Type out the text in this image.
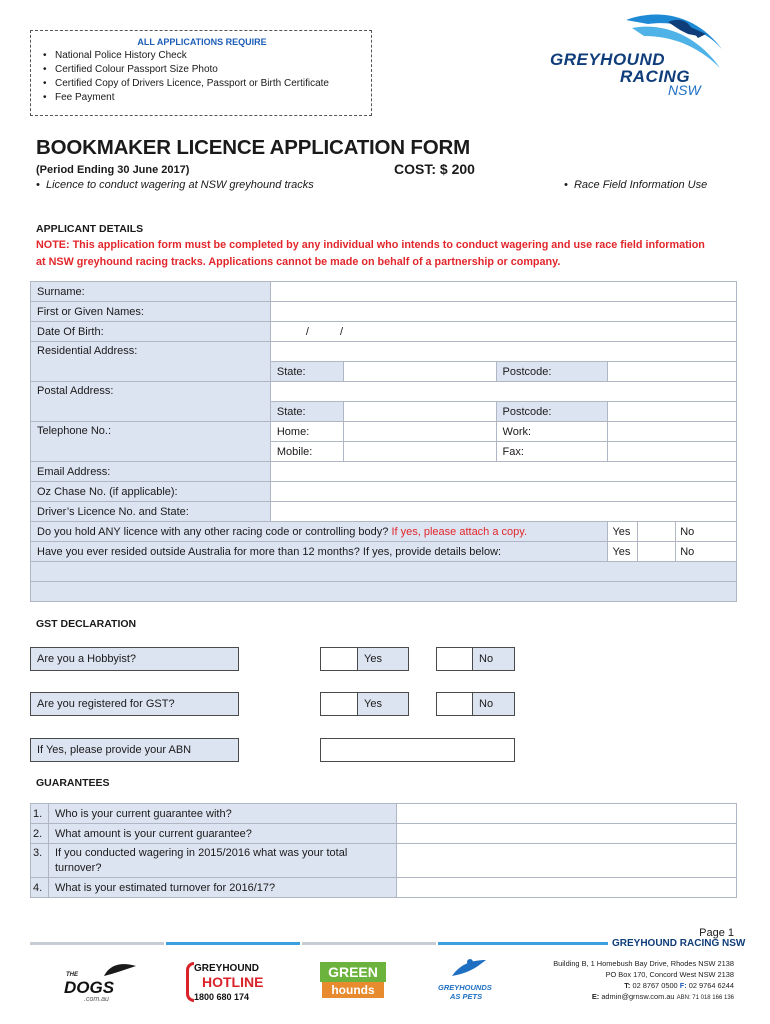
ALL APPLICATIONS REQUIRE
• National Police History Check
• Certified Colour Passport Size Photo
• Certified Copy of Drivers Licence, Passport or Birth Certificate
• Fee Payment
GREYHOUND
RACING
NSW
BOOKMAKER LICENCE APPLICATION FORM
(Period Ending 30 June 2017)	COST: $ 200
•  Licence to conduct wagering at NSW greyhound tracks	•  Race Field Information Use
APPLICANT DETAILS
NOTE: This application form must be completed by any individual who intends to conduct wagering and use race field information
at NSW greyhound racing tracks. Applications cannot be made on behalf of a partnership or company.
Surname:						
First or Given Names:						
Date Of Birth:	/ /					
Residential Address:						
	State:		Postcode:			
Postal Address:						
	State:		Postcode:			
Telephone No.:	Home:		Work:			
	Mobile:		Fax:			
Email Address:						
Oz Chase No. (if applicable):						
Driver’s Licence No. and State:						
Do you hold ANY licence with any other racing code or controlling body? If yes, please attach a copy.				Yes		No
Have you ever resided outside Australia for more than 12 months? If yes, provide details below:				Yes		No

GST DECLARATION
Are you a Hobbyist?	Yes	No
Are you registered for GST?	Yes	No
If Yes, please provide your ABN
GUARANTEES
1.	Who is your current guarantee with?	
2.	What amount is your current guarantee?	
3.	If you conducted wagering in 2015/2016 what was your total
turnover?	

4.	What is your estimated turnover for 2016/17?	
Page 1
GREYHOUND RACING NSW
Building B, 1 Homebush Bay Drive, Rhodes NSW 2138
PO Box 170, Concord West NSW 2138
T: 02 8767 0500 F: 02 9764 6244
E: admin@grnsw.com.au ABN: 71 018 166 136
THE
DOGS
.com.au
GREYHOUND
HOTLINE
1800 680 174
GREEN
hounds	GREYHOUNDS
AS PETS
